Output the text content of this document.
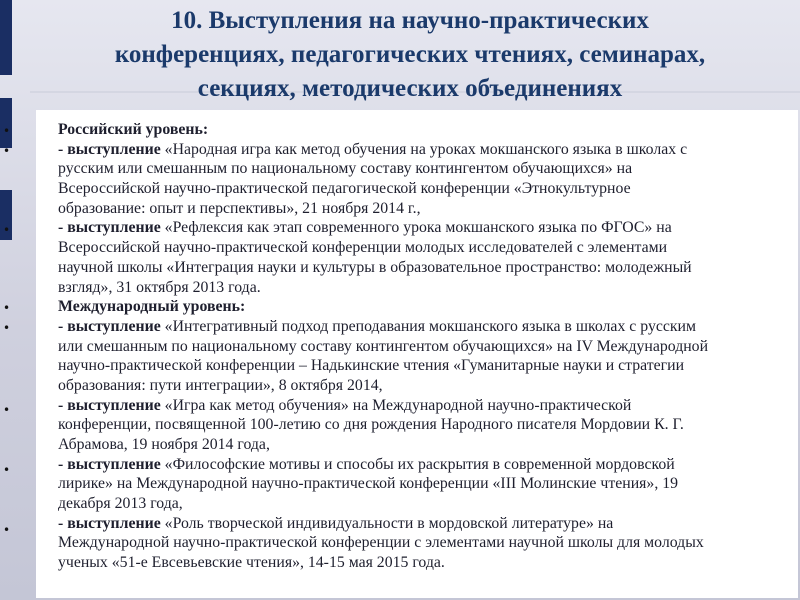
10. Выступления на научно-практических
конференциях, педагогических чтениях, семинарах,
секциях, методических объединениях
•
•
•
•
•
•
•
•
Российский уровень:
- выступление «Народная игра как метод обучения на уроках мокшанского языка в школах с
русским или смешанным по национальному составу контингентом обучающихся» на
Всероссийской научно-практической педагогической конференции «Этнокультурное
образование: опыт и перспективы», 21 ноября 2014 г.,
- выступление «Рефлексия как этап современного урока мокшанского языка по ФГОС» на
Всероссийской научно-практической конференции молодых исследователей с элементами
научной школы «Интеграция науки и культуры в образовательное пространство: молодежный
взгляд», 31 октября 2013 года.
Международный уровень:
- выступление «Интегративный подход преподавания мокшанского языка в школах с русским
или смешанным по национальному составу контингентом обучающихся» на IV Международной
научно-практической конференции – Надькинские чтения «Гуманитарные науки и стратегии
образования: пути интеграции», 8 октября 2014,
- выступление «Игра как метод обучения» на Международной научно-практической
конференции, посвященной 100-летию со дня рождения Народного писателя Мордовии К. Г.
Абрамова, 19 ноября 2014 года,
- выступление «Философские мотивы и способы их раскрытия в современной мордовской
лирике» на Международной научно-практической конференции «III Молинские чтения», 19
декабря 2013 года,
- выступление «Роль творческой индивидуальности в мордовской литературе» на
Международной научно-практической конференции с элементами научной школы для молодых
ученых «51-е Евсевьевские чтения», 14-15 мая 2015 года.
